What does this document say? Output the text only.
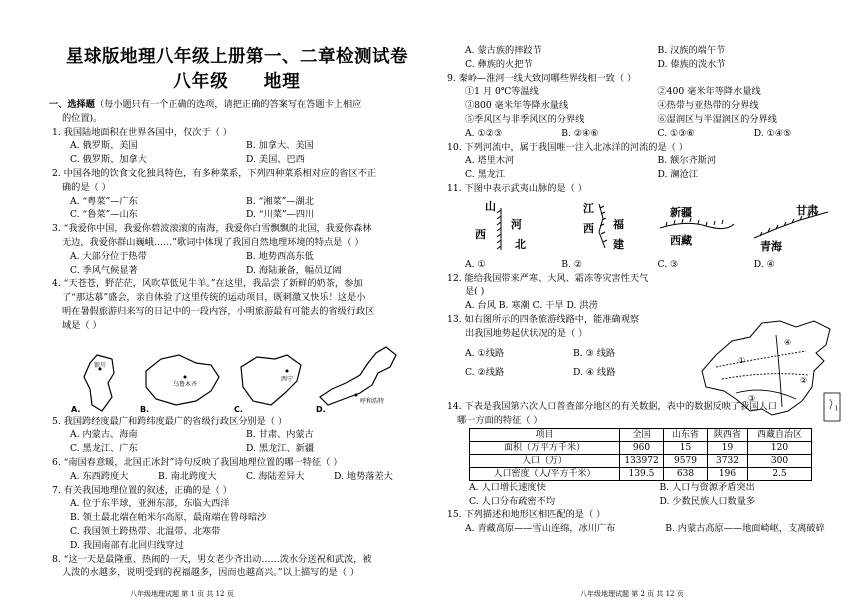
星球版地理八年级上册第一、二章检测试卷
八年级 地理
一、选择题（每小题只有一个正确的选项，请把正确的答案写在答题卡上相应
的位置)。
1. 我国陆地面积在世界各国中，仅次于（ ）
A. 俄罗斯、美国	B. 加拿大、美国
C. 俄罗斯、加拿大	D. 美国、巴西
2. 中国各地的饮食文化独具特色，有多种菜系，下列四种菜系相对应的省区不正
确的是（ ）
A. “粤菜”—广东	B. “湘菜”—湖北
C. “鲁菜”—山东	D. “川菜”—四川
3. “我爱你中国，我爱你碧波滚滚的南海，我爱你白雪飘飘的北国，我爱你森林
无边，我爱你群山巍峨……”歌词中体现了我国自然地理环境的特点是（ ）
A. 大部分位于热带	B. 地势西高东低
C. 季风气候显著	D. 海陆兼备，幅员辽阔
4. “天苍苍，野茫茫，风吹草低见牛羊。”在这里，我品尝了新鲜的奶茶，参加
了“那达慕”盛会，亲自体验了这里传统的运动项目，既刺激又快乐！这是小
明在暑假旅游归来写的日记中的一段内容，小明旅游最有可能去的省级行政区
域是（ ）
银川
A.
乌鲁木齐
B.
西宁
C.
呼和浩特
D.
5. 我国跨经度最广和跨纬度最广的省级行政区分别是（ ）
A. 内蒙古、海南	B. 甘肃、内蒙古
C. 黑龙江、广东	D. 黑龙江、新疆
6. “南国春意暖，北国正冰封”诗句反映了我国地理位置的哪一特征（ ）
A. 东西跨度大	B. 南北跨度大	C. 海陆差异大	D. 地势落差大
7. 有关我国地理位置的叙述，正确的是（ ）
A. 位于东半球，亚洲东部，东临大西洋
B. 领土最北端在帕米尔高原，最南端在曾母暗沙
C. 我国领土跨热带、北温带、北寒带
D. 我国南部有北回归线穿过
8. “这一天是最隆重、热闹的一天，男女老少齐出动……泼水分送祝和武泼，被
人泼的水越多，说明受到的祝福越多，因而也越高兴。”以上描写的是（ ）
八年级地理试题 第 1 页 共 12 页
A. 蒙古族的摔跤节	B. 汉族的端午节
C. 彝族的火把节	D. 傣族的泼水节
9. 秦岭—淮河一线大致同哪些界线相一致（ ）
①1 月 0℃等温线	②400 毫米年等降水量线
③800 毫米年等降水量线	④热带与亚热带的分界线
⑤季风区与非季风区的分界线	⑥湿润区与半湿润区的分界线
A. ①②③	B. ②④⑥	C. ①③⑥	D. ①④⑤
10. 下列河流中，属于我国唯一注入北冰洋的河流的是（ ）
A. 塔里木河	B. 额尔齐斯河
C. 黑龙江	D. 澜沧江
11. 下图中表示武夷山脉的是（ ）
山
西
河
北
江
西 福
建
新疆
西藏
甘肃
青海
A. ①	B. ②	C. ③	D. ④
12. 能给我国带来严寒、大风、霜冻等灾害性天气
是( )
A. 台风 B. 寒潮 C. 干旱 D. 洪涝
13. 如右图所示的四条旅游线路中，能准确观察
出我国地势起伏状况的是（ ）
A. ①线路	B. ③ 线路
C. ②线路	D. ④ 线路
①
②
③
④
14. 下表是我国第六次人口普查部分地区的有关数据，表中的数据反映了我国人口
哪一方面的特征（ ）
项目	全国	山东省	陕西省	西藏自治区
面积（万平方千米）	960	15	19	120
人口（万）	133972	9579	3732	300
人口密度（人/平方千米）	139.5	638	196	2.5
A. 人口增长速度快	B. 人口与资源矛盾突出
C. 人口分布疏密不均	D. 少数民族人口数量多
15. 下列描述和地形区相匹配的是（ ）
A. 青藏高原——雪山连绵，冰川广布	B. 内蒙古高原——地面崎岖，支离破碎
八年级地理试题 第 2 页 共 12 页
